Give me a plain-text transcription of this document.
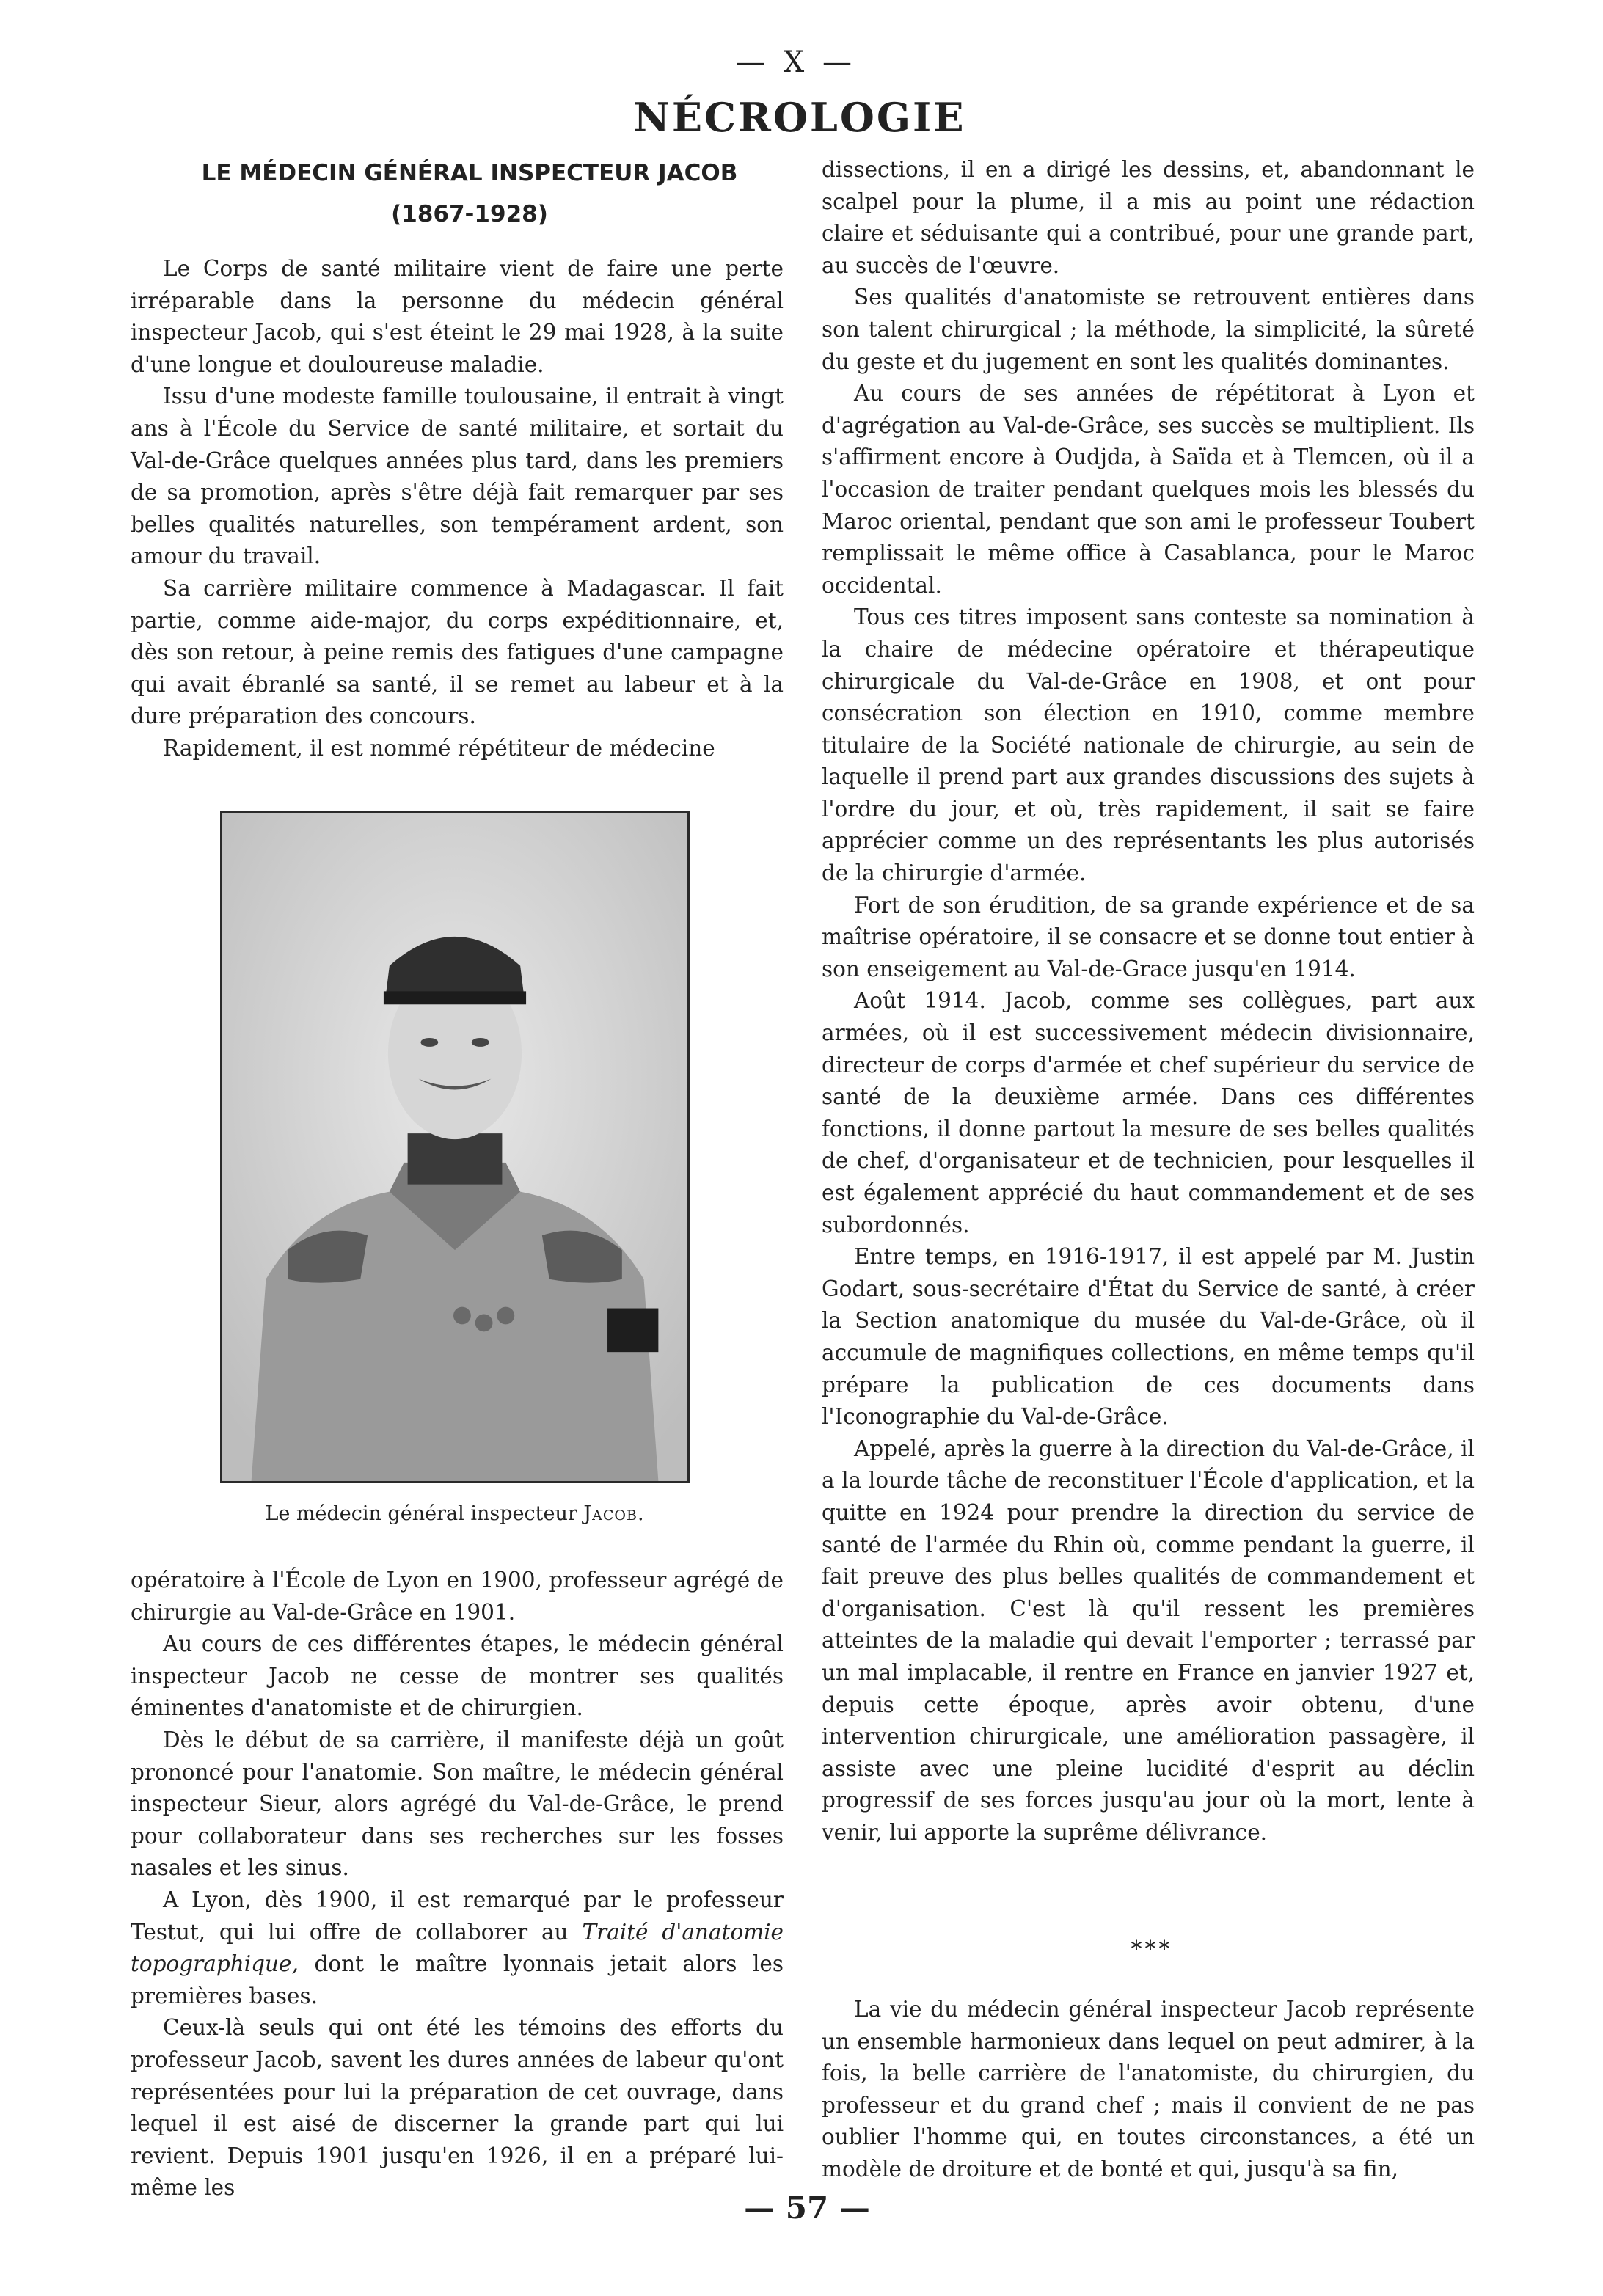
— X —
NÉCROLOGIE
LE MÉDECIN GÉNÉRAL INSPECTEUR JACOB
(1867-1928)

Le Corps de santé militaire vient de faire une perte irréparable dans la personne du médecin général inspecteur Jacob, qui s'est éteint le 29 mai 1928, à la suite d'une longue et douloureuse maladie.

Issu d'une modeste famille toulousaine, il entrait à vingt ans à l'École du Service de santé militaire, et sortait du Val-de-Grâce quelques années plus tard, dans les premiers de sa promotion, après s'être déjà fait remarquer par ses belles qualités naturelles, son tempérament ardent, son amour du travail.

Sa carrière militaire commence à Madagascar. Il fait partie, comme aide-major, du corps expéditionnaire, et, dès son retour, à peine remis des fatigues d'une campagne qui avait ébranlé sa santé, il se remet au labeur et à la dure préparation des concours.

Rapidement, il est nommé répétiteur de médecine

Le médecin général inspecteur Jacob.

opératoire à l'École de Lyon en 1900, professeur agrégé de chirurgie au Val-de-Grâce en 1901.

Au cours de ces différentes étapes, le médecin général inspecteur Jacob ne cesse de montrer ses qualités éminentes d'anatomiste et de chirurgien.

Dès le début de sa carrière, il manifeste déjà un goût prononcé pour l'anatomie. Son maître, le médecin général inspecteur Sieur, alors agrégé du Val-de-Grâce, le prend pour collaborateur dans ses recherches sur les fosses nasales et les sinus.

A Lyon, dès 1900, il est remarqué par le professeur Testut, qui lui offre de collaborer au Traité d'anatomie topographique, dont le maître lyonnais jetait alors les premières bases.

Ceux-là seuls qui ont été les témoins des efforts du professeur Jacob, savent les dures années de labeur qu'ont représentées pour lui la préparation de cet ouvrage, dans lequel il est aisé de discerner la grande part qui lui revient. Depuis 1901 jusqu'en 1926, il en a préparé lui-même les

dissections, il en a dirigé les dessins, et, abandonnant le scalpel pour la plume, il a mis au point une rédaction claire et séduisante qui a contribué, pour une grande part, au succès de l'œuvre.

Ses qualités d'anatomiste se retrouvent entières dans son talent chirurgical ; la méthode, la simplicité, la sûreté du geste et du jugement en sont les qualités dominantes.

Au cours de ses années de répétitorat à Lyon et d'agrégation au Val-de-Grâce, ses succès se multiplient. Ils s'affirment encore à Oudjda, à Saïda et à Tlemcen, où il a l'occasion de traiter pendant quelques mois les blessés du Maroc oriental, pendant que son ami le professeur Toubert remplissait le même office à Casablanca, pour le Maroc occidental.

Tous ces titres imposent sans conteste sa nomination à la chaire de médecine opératoire et thérapeutique chirurgicale du Val-de-Grâce en 1908, et ont pour consécration son élection en 1910, comme membre titulaire de la Société nationale de chirurgie, au sein de laquelle il prend part aux grandes discussions des sujets à l'ordre du jour, et où, très rapidement, il sait se faire apprécier comme un des représentants les plus autorisés de la chirurgie d'armée.

Fort de son érudition, de sa grande expérience et de sa maîtrise opératoire, il se consacre et se donne tout entier à son enseigement au Val-de-Grace jusqu'en 1914.

Août 1914. Jacob, comme ses collègues, part aux armées, où il est successivement médecin divisionnaire, directeur de corps d'armée et chef supérieur du service de santé de la deuxième armée. Dans ces différentes fonctions, il donne partout la mesure de ses belles qualités de chef, d'organisateur et de technicien, pour lesquelles il est également apprécié du haut commandement et de ses subordonnés.

Entre temps, en 1916-1917, il est appelé par M. Justin Godart, sous-secrétaire d'État du Service de santé, à créer la Section anatomique du musée du Val-de-Grâce, où il accumule de magnifiques collections, en même temps qu'il prépare la publication de ces documents dans l'Iconographie du Val-de-Grâce.

Appelé, après la guerre à la direction du Val-de-Grâce, il a la lourde tâche de reconstituer l'École d'application, et la quitte en 1924 pour prendre la direction du service de santé de l'armée du Rhin où, comme pendant la guerre, il fait preuve des plus belles qualités de commandement et d'organisation. C'est là qu'il ressent les premières atteintes de la maladie qui devait l'emporter ; terrassé par un mal implacable, il rentre en France en janvier 1927 et, depuis cette époque, après avoir obtenu, d'une intervention chirurgicale, une amélioration passagère, il assiste avec une pleine lucidité d'esprit au déclin progressif de ses forces jusqu'au jour où la mort, lente à venir, lui apporte la suprême délivrance.

***

La vie du médecin général inspecteur Jacob représente un ensemble harmonieux dans lequel on peut admirer, à la fois, la belle carrière de l'anatomiste, du chirurgien, du professeur et du grand chef ; mais il convient de ne pas oublier l'homme qui, en toutes circonstances, a été un modèle de droiture et de bonté et qui, jusqu'à sa fin,

— 57 —
